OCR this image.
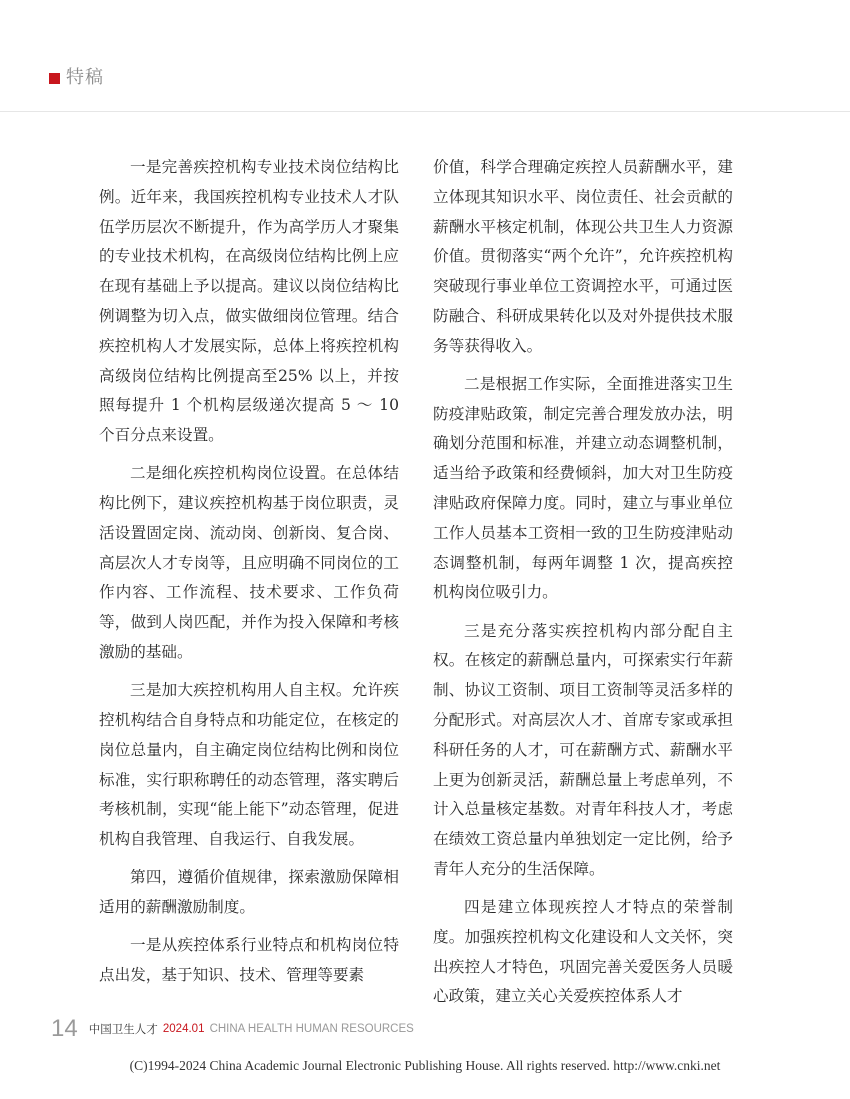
特稿

一是完善疾控机构专业技术岗位结构比例。近年来，我国疾控机构专业技术人才队伍学历层次不断提升，作为高学历人才聚集的专业技术机构，在高级岗位结构比例上应在现有基础上予以提高。建议以岗位结构比例调整为切入点，做实做细岗位管理。结合疾控机构人才发展实际，总体上将疾控机构高级岗位结构比例提高至25% 以上，并按照每提升 1 个机构层级递次提高 5 ～ 10 个百分点来设置。

二是细化疾控机构岗位设置。在总体结构比例下，建议疾控机构基于岗位职责，灵活设置固定岗、流动岗、创新岗、复合岗、高层次人才专岗等，且应明确不同岗位的工作内容、工作流程、技术要求、工作负荷等，做到人岗匹配，并作为投入保障和考核激励的基础。

三是加大疾控机构用人自主权。允许疾控机构结合自身特点和功能定位，在核定的岗位总量内，自主确定岗位结构比例和岗位标准，实行职称聘任的动态管理，落实聘后考核机制，实现“能上能下”动态管理，促进机构自我管理、自我运行、自我发展。

第四，遵循价值规律，探索激励保障相适用的薪酬激励制度。

一是从疾控体系行业特点和机构岗位特点出发，基于知识、技术、管理等要素

价值，科学合理确定疾控人员薪酬水平，建立体现其知识水平、岗位责任、社会贡献的薪酬水平核定机制，体现公共卫生人力资源价值。贯彻落实“两个允许”，允许疾控机构突破现行事业单位工资调控水平，可通过医防融合、科研成果转化以及对外提供技术服务等获得收入。

二是根据工作实际，全面推进落实卫生防疫津贴政策，制定完善合理发放办法，明确划分范围和标准，并建立动态调整机制，适当给予政策和经费倾斜，加大对卫生防疫津贴政府保障力度。同时，建立与事业单位工作人员基本工资相一致的卫生防疫津贴动态调整机制，每两年调整 1 次，提高疾控机构岗位吸引力。

三是充分落实疾控机构内部分配自主权。在核定的薪酬总量内，可探索实行年薪制、协议工资制、项目工资制等灵活多样的分配形式。对高层次人才、首席专家或承担科研任务的人才，可在薪酬方式、薪酬水平上更为创新灵活，薪酬总量上考虑单列，不计入总量核定基数。对青年科技人才，考虑在绩效工资总量内单独划定一定比例，给予青年人充分的生活保障。

四是建立体现疾控人才特点的荣誉制度。加强疾控机构文化建设和人文关怀，突出疾控人才特色，巩固完善关爱医务人员暖心政策，建立关心关爱疾控体系人才

14 中国卫生人才 2024.01 CHINA HEALTH HUMAN RESOURCES
(C)1994-2024 China Academic Journal Electronic Publishing House. All rights reserved. http://www.cnki.net
